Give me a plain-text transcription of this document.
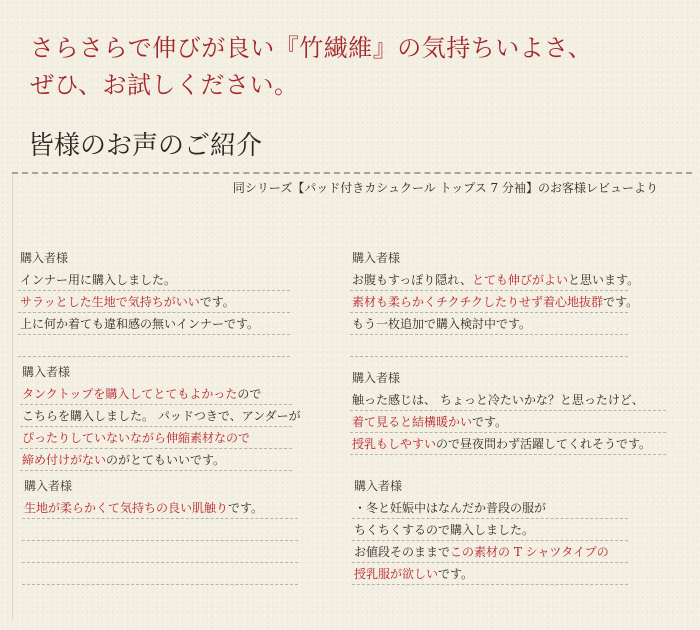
さらさらで伸びが良い『竹繊維』の気持ちいよさ、
ぜひ、お試しください。
皆様のお声のご紹介
同シリーズ【パッド付きカシュクール トップス 7 分袖】のお客様レビューより
購入者様
インナー用に購入しました。
サラッとした生地で気持ちがいいです。
上に何か着ても違和感の無いインナーです。
購入者様
お腹もすっぽり隠れ、とても伸びがよいと思います。
素材も柔らかくチクチクしたりせず着心地抜群です。
もう一枚追加で購入検討中です。
購入者様
タンクトップを購入してとてもよかったので
こちらを購入しました。 パッドつきで、アンダーが
ぴったりしていないながら伸縮素材なので
締め付けがないのがとてもいいです。
購入者様
触った感じは、 ちょっと冷たいかな？と思ったけど、
着て見ると結構暖かいです。
授乳もしやすいので昼夜問わず活躍してくれそうです。
購入者様
生地が柔らかくて気持ちの良い肌触りです。
購入者様
・冬と妊娠中はなんだか普段の服が
ちくちくするので購入しました。
お値段そのままでこの素材の T シャツタイプの
授乳服が欲しいです。
